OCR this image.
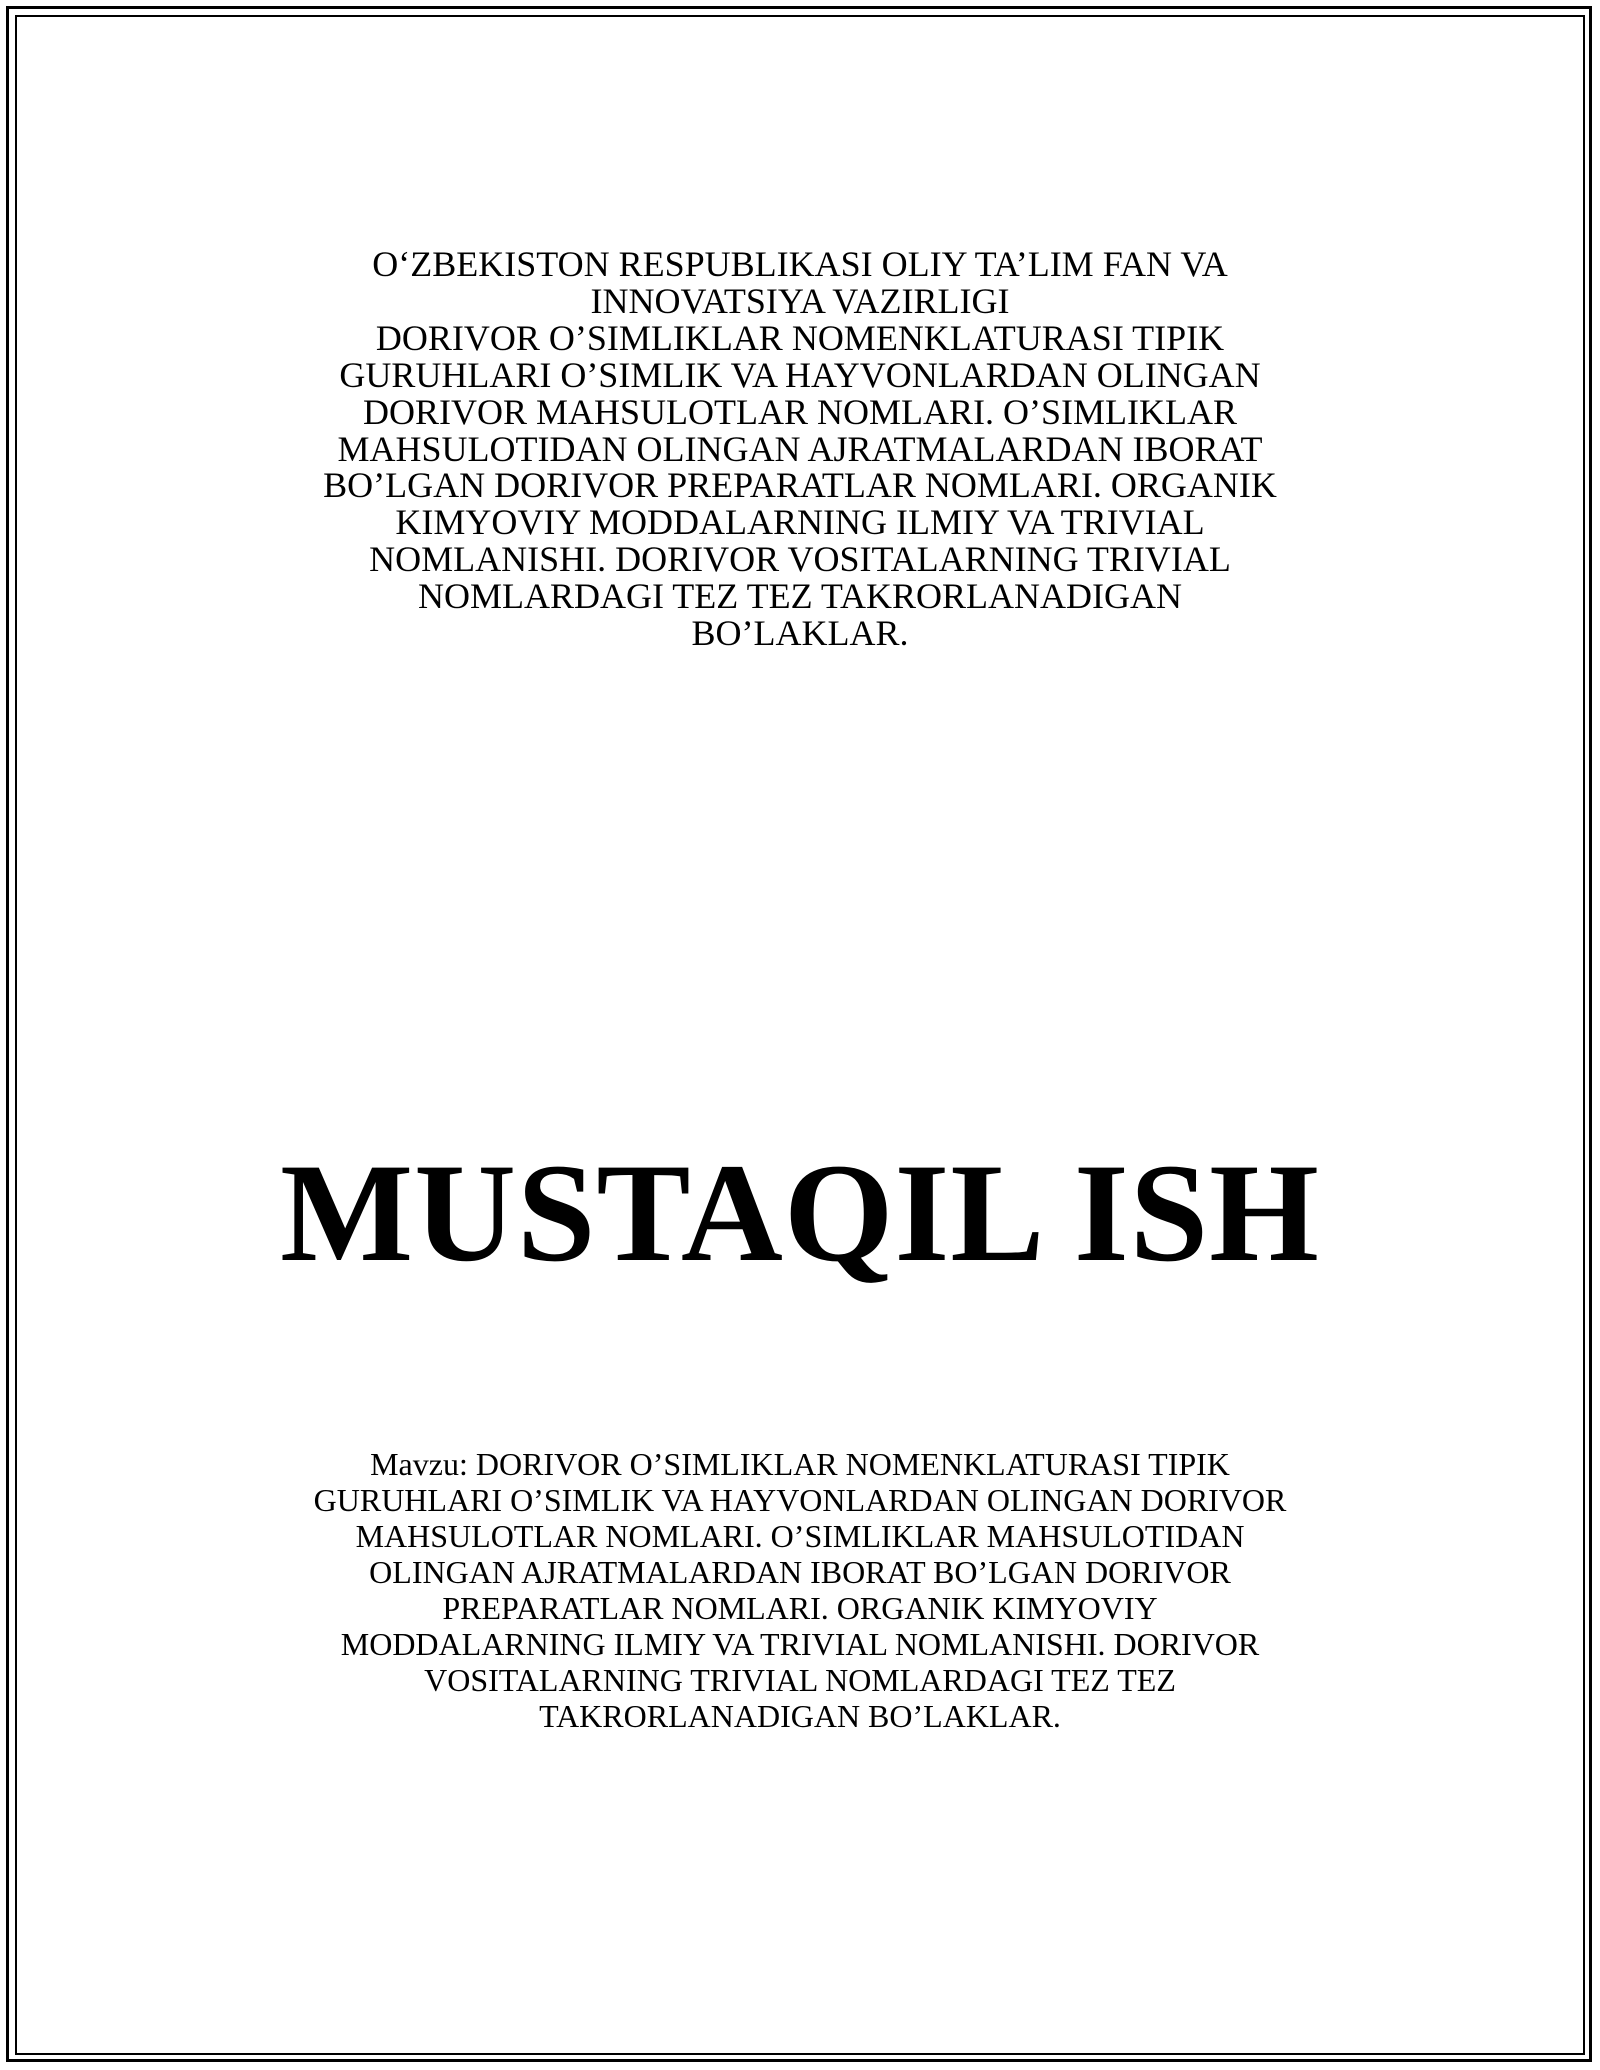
O‘ZBEKISTON RESPUBLIKASI OLIY TA’LIM FAN VA
INNOVATSIYA VAZIRLIGI
DORIVOR O’SIMLIKLAR NOMENKLATURASI TIPIK
GURUHLARI O’SIMLIK VA HAYVONLARDAN OLINGAN
DORIVOR MAHSULOTLAR NOMLARI. O’SIMLIKLAR
MAHSULOTIDAN OLINGAN AJRATMALARDAN IBORAT
BO’LGAN DORIVOR PREPARATLAR NOMLARI. ORGANIK
KIMYOVIY MODDALARNING ILMIY VA TRIVIAL
NOMLANISHI. DORIVOR VOSITALARNING TRIVIAL
NOMLARDAGI TEZ TEZ TAKRORLANADIGAN
BO’LAKLAR.
MUSTAQIL ISH
Mavzu: DORIVOR O’SIMLIKLAR NOMENKLATURASI TIPIK
GURUHLARI O’SIMLIK VA HAYVONLARDAN OLINGAN DORIVOR
MAHSULOTLAR NOMLARI. O’SIMLIKLAR MAHSULOTIDAN
OLINGAN AJRATMALARDAN IBORAT BO’LGAN DORIVOR
PREPARATLAR NOMLARI. ORGANIK KIMYOVIY
MODDALARNING ILMIY VA TRIVIAL NOMLANISHI. DORIVOR
VOSITALARNING TRIVIAL NOMLARDAGI TEZ TEZ
TAKRORLANADIGAN BO’LAKLAR.
